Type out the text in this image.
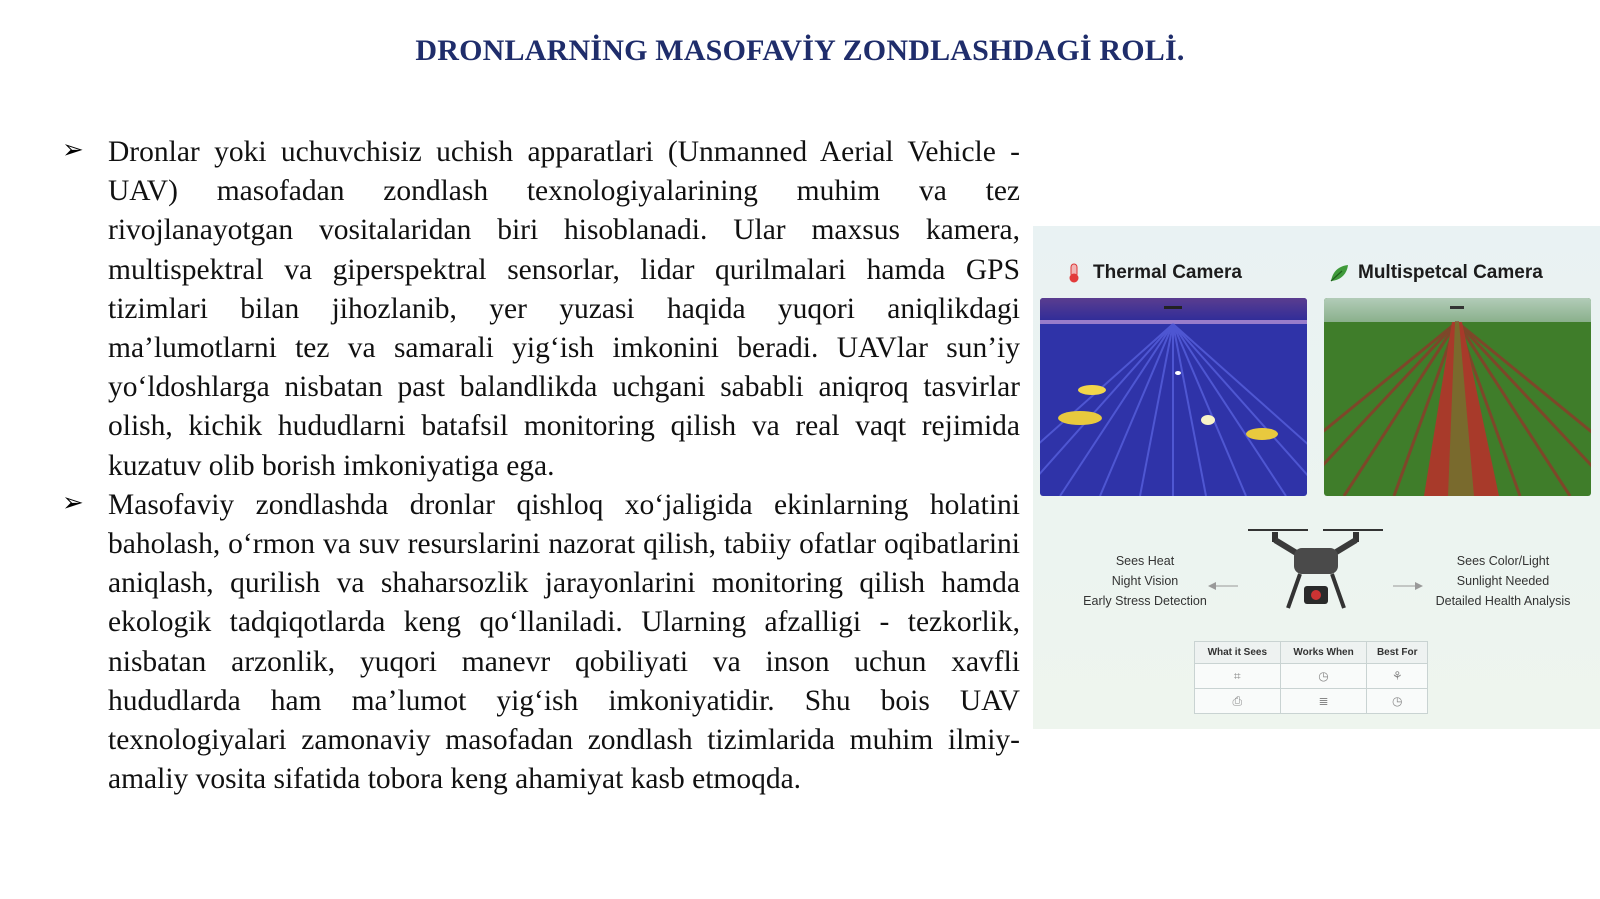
DRONLARNİNG MASOFAVİY ZONDLASHDAGİ ROLİ.
➢ Dronlar yoki uchuvchisiz uchish apparatlari (Unmanned Aerial Vehicle - UAV) masofadan zondlash texnologiyalarining muhim va tez rivojlanayotgan vositalaridan biri hisoblanadi. Ular maxsus kamera, multispektral va giperspektral sensorlar, lidar qurilmalari hamda GPS tizimlari bilan jihozlanib, yer yuzasi haqida yuqori aniqlikdagi ma’lumotlarni tez va samarali yig‘ish imkonini beradi. UAVlar sun’iy yo‘ldoshlarga nisbatan past balandlikda uchgani sababli aniqroq tasvirlar olish, kichik hududlarni batafsil monitoring qilish va real vaqt rejimida kuzatuv olib borish imkoniyatiga ega.
➢ Masofaviy zondlashda dronlar qishloq xo‘jaligida ekinlarning holatini baholash, o‘rmon va suv resurslarini nazorat qilish, tabiiy ofatlar oqibatlarini aniqlash, qurilish va shaharsozlik jarayonlarini monitoring qilish hamda ekologik tadqiqotlarda keng qo‘llaniladi. Ularning afzalligi - tezkorlik, nisbatan arzonlik, yuqori manevr qobiliyati va inson uchun xavfli hududlarda ham ma’lumot yig‘ish imkoniyatidir. Shu bois UAV texnologiyalari zamonaviy masofadan zondlash tizimlarida muhim ilmiy-amaliy vosita sifatida tobora keng ahamiyat kasb etmoqda.
Thermal Camera	Multispetcal Camera
Sees Heat
Night Vision
Early Stress Detection
Sees Color/Light
Sunlight Needed
Detailed Health Analysis
What it Sees	Works When	Best For
⌗	◷	⚘
⎙	≣	◷
